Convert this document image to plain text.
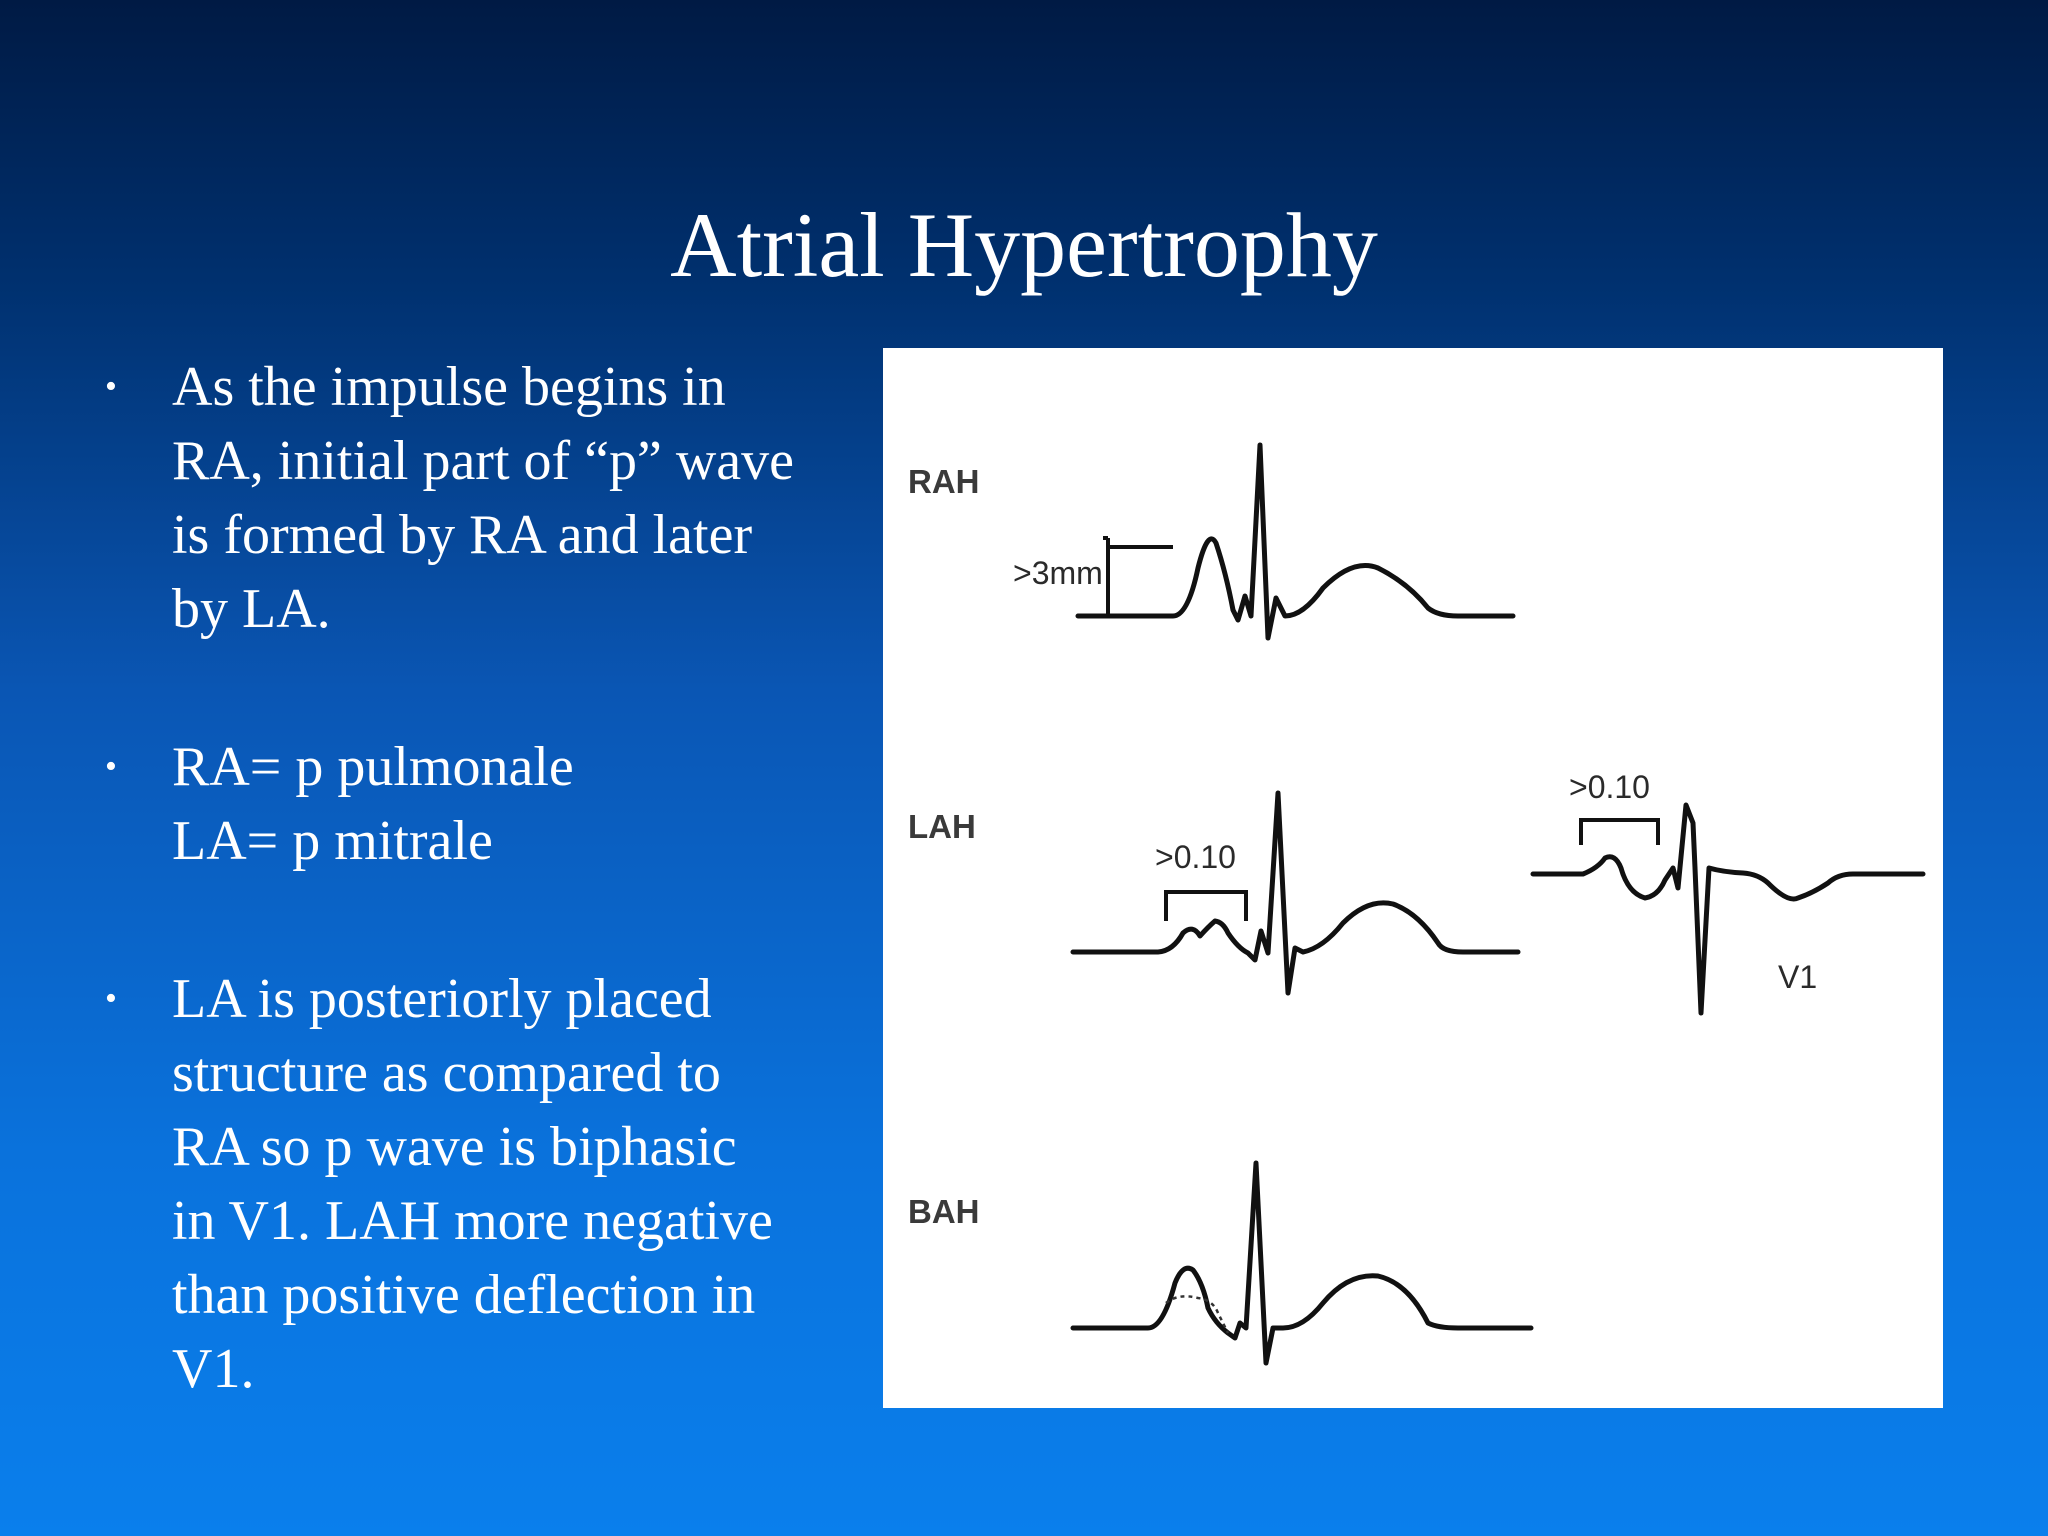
Atrial Hypertrophy
• As the impulse begins in
RA, initial part of “p” wave
is formed by RA and later
by LA.
• RA= p pulmonale
LA= p mitrale
• LA is posteriorly placed
structure as compared to
RA so p wave is biphasic
in V1. LAH more negative
than positive deflection in
V1.
RAH
LAH
BAH
>3mm
>0.10
>0.10
V1
